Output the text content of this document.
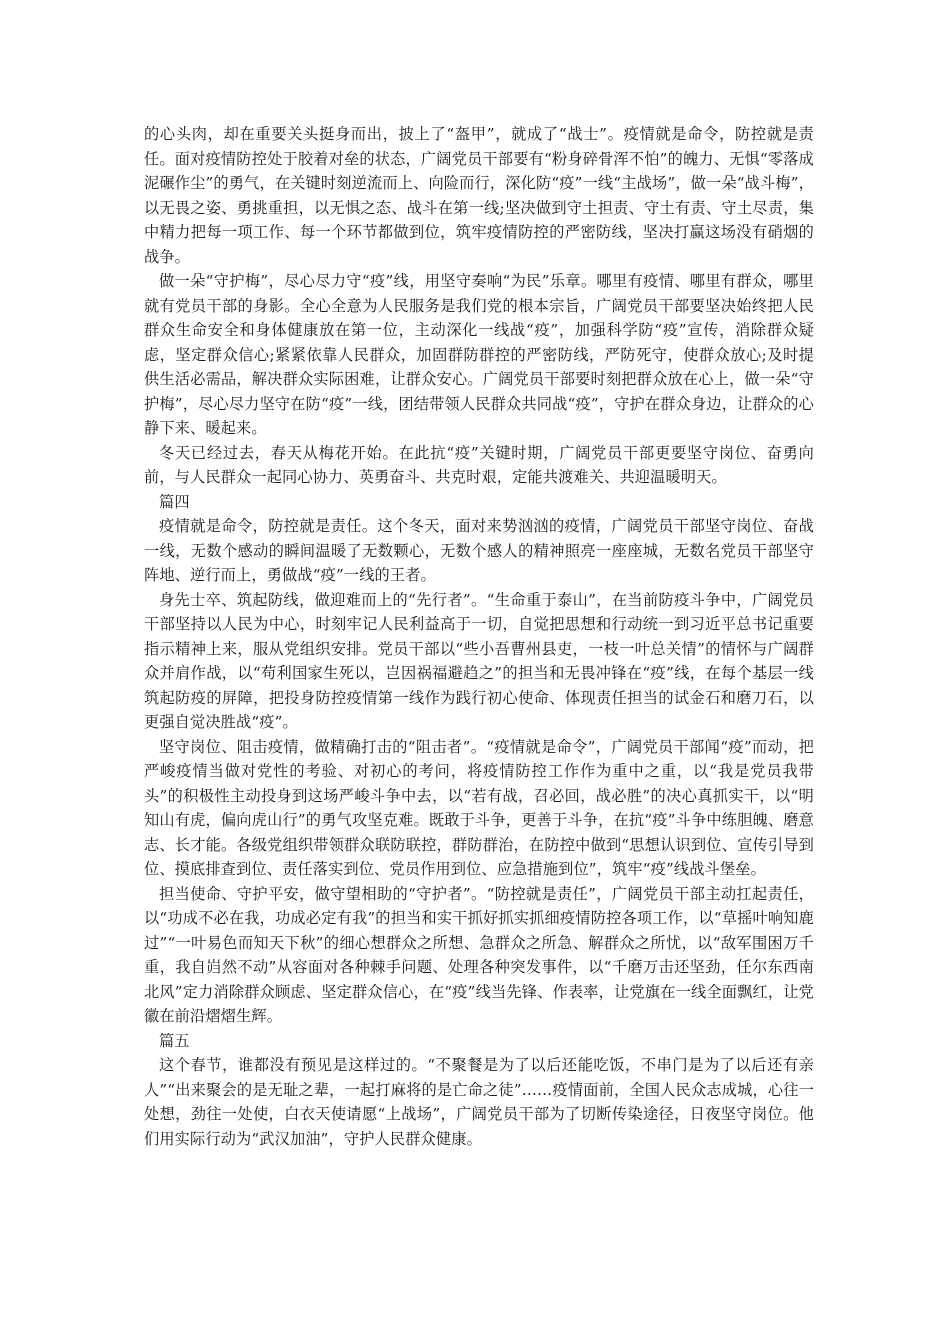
的心头肉，却在重要关头挺身而出，披上了“盔甲”，就成了“战士”。疫情就是命令，防控就是责任。面对疫情防控处于胶着对垒的状态，广阔党员干部要有“粉身碎骨浑不怕”的魄力、无惧“零落成泥碾作尘”的勇气，在关键时刻逆流而上、向险而行，深化防“疫”一线“主战场”，做一朵“战斗梅”，以无畏之姿、勇挑重担，以无惧之态、战斗在第一线;坚决做到守土担责、守土有责、守土尽责，集中精力把每一项工作、每一个环节都做到位，筑牢疫情防控的严密防线，坚决打赢这场没有硝烟的战争。

做一朵“守护梅”，尽心尽力守“疫”线，用坚守奏响“为民”乐章。哪里有疫情、哪里有群众，哪里就有党员干部的身影。全心全意为人民服务是我们党的根本宗旨，广阔党员干部要坚决始终把人民群众生命安全和身体健康放在第一位，主动深化一线战“疫”，加强科学防“疫”宣传，消除群众疑虑，坚定群众信心;紧紧依靠人民群众，加固群防群控的严密防线，严防死守，使群众放心;及时提供生活必需品，解决群众实际困难，让群众安心。广阔党员干部要时刻把群众放在心上，做一朵“守护梅”，尽心尽力坚守在防“疫”一线，团结带领人民群众共同战“疫”，守护在群众身边，让群众的心静下来、暖起来。

冬天已经过去，春天从梅花开始。在此抗“疫”关键时期，广阔党员干部更要坚守岗位、奋勇向前，与人民群众一起同心协力、英勇奋斗、共克时艰，定能共渡难关、共迎温暖明天。

篇四

疫情就是命令，防控就是责任。这个冬天，面对来势汹汹的疫情，广阔党员干部坚守岗位、奋战一线，无数个感动的瞬间温暖了无数颗心，无数个感人的精神照亮一座座城，无数名党员干部坚守阵地、逆行而上，勇做战“疫”一线的王者。

身先士卒、筑起防线，做迎难而上的“先行者”。“生命重于泰山”，在当前防疫斗争中，广阔党员干部坚持以人民为中心，时刻牢记人民利益高于一切，自觉把思想和行动统一到习近平总书记重要指示精神上来，服从党组织安排。党员干部以“些小吾曹州县吏，一枝一叶总关情”的情怀与广阔群众并肩作战，以“苟利国家生死以，岂因祸福避趋之”的担当和无畏冲锋在“疫”线，在每个基层一线筑起防疫的屏障，把投身防控疫情第一线作为践行初心使命、体现责任担当的试金石和磨刀石，以更强自觉决胜战“疫”。

坚守岗位、阻击疫情，做精确打击的“阻击者”。“疫情就是命令”，广阔党员干部闻“疫”而动，把严峻疫情当做对党性的考验、对初心的考问，将疫情防控工作作为重中之重，以“我是党员我带头”的积极性主动投身到这场严峻斗争中去，以“若有战，召必回，战必胜”的决心真抓实干，以“明知山有虎，偏向虎山行”的勇气攻坚克难。既敢于斗争，更善于斗争，在抗“疫”斗争中练胆魄、磨意志、长才能。各级党组织带领群众联防联控，群防群治，在防控中做到“思想认识到位、宣传引导到位、摸底排查到位、责任落实到位、党员作用到位、应急措施到位”，筑牢“疫”线战斗堡垒。

担当使命、守护平安，做守望相助的“守护者”。“防控就是责任”，广阔党员干部主动扛起责任，以“功成不必在我，功成必定有我”的担当和实干抓好抓实抓细疫情防控各项工作，以“草摇叶响知鹿过”“一叶易色而知天下秋”的细心想群众之所想、急群众之所急、解群众之所忧，以“敌军围困万千重，我自岿然不动”从容面对各种棘手问题、处理各种突发事件，以“千磨万击还坚劲，任尔东西南北风”定力消除群众顾虑、坚定群众信心，在“疫”线当先锋、作表率，让党旗在一线全面飘红，让党徽在前沿熠熠生辉。

篇五

这个春节，谁都没有预见是这样过的。“不聚餐是为了以后还能吃饭，不串门是为了以后还有亲人”“出来聚会的是无耻之辈，一起打麻将的是亡命之徒”……疫情面前，全国人民众志成城，心往一处想，劲往一处使，白衣天使请愿“上战场”，广阔党员干部为了切断传染途径，日夜坚守岗位。他们用实际行动为“武汉加油”，守护人民群众健康。
